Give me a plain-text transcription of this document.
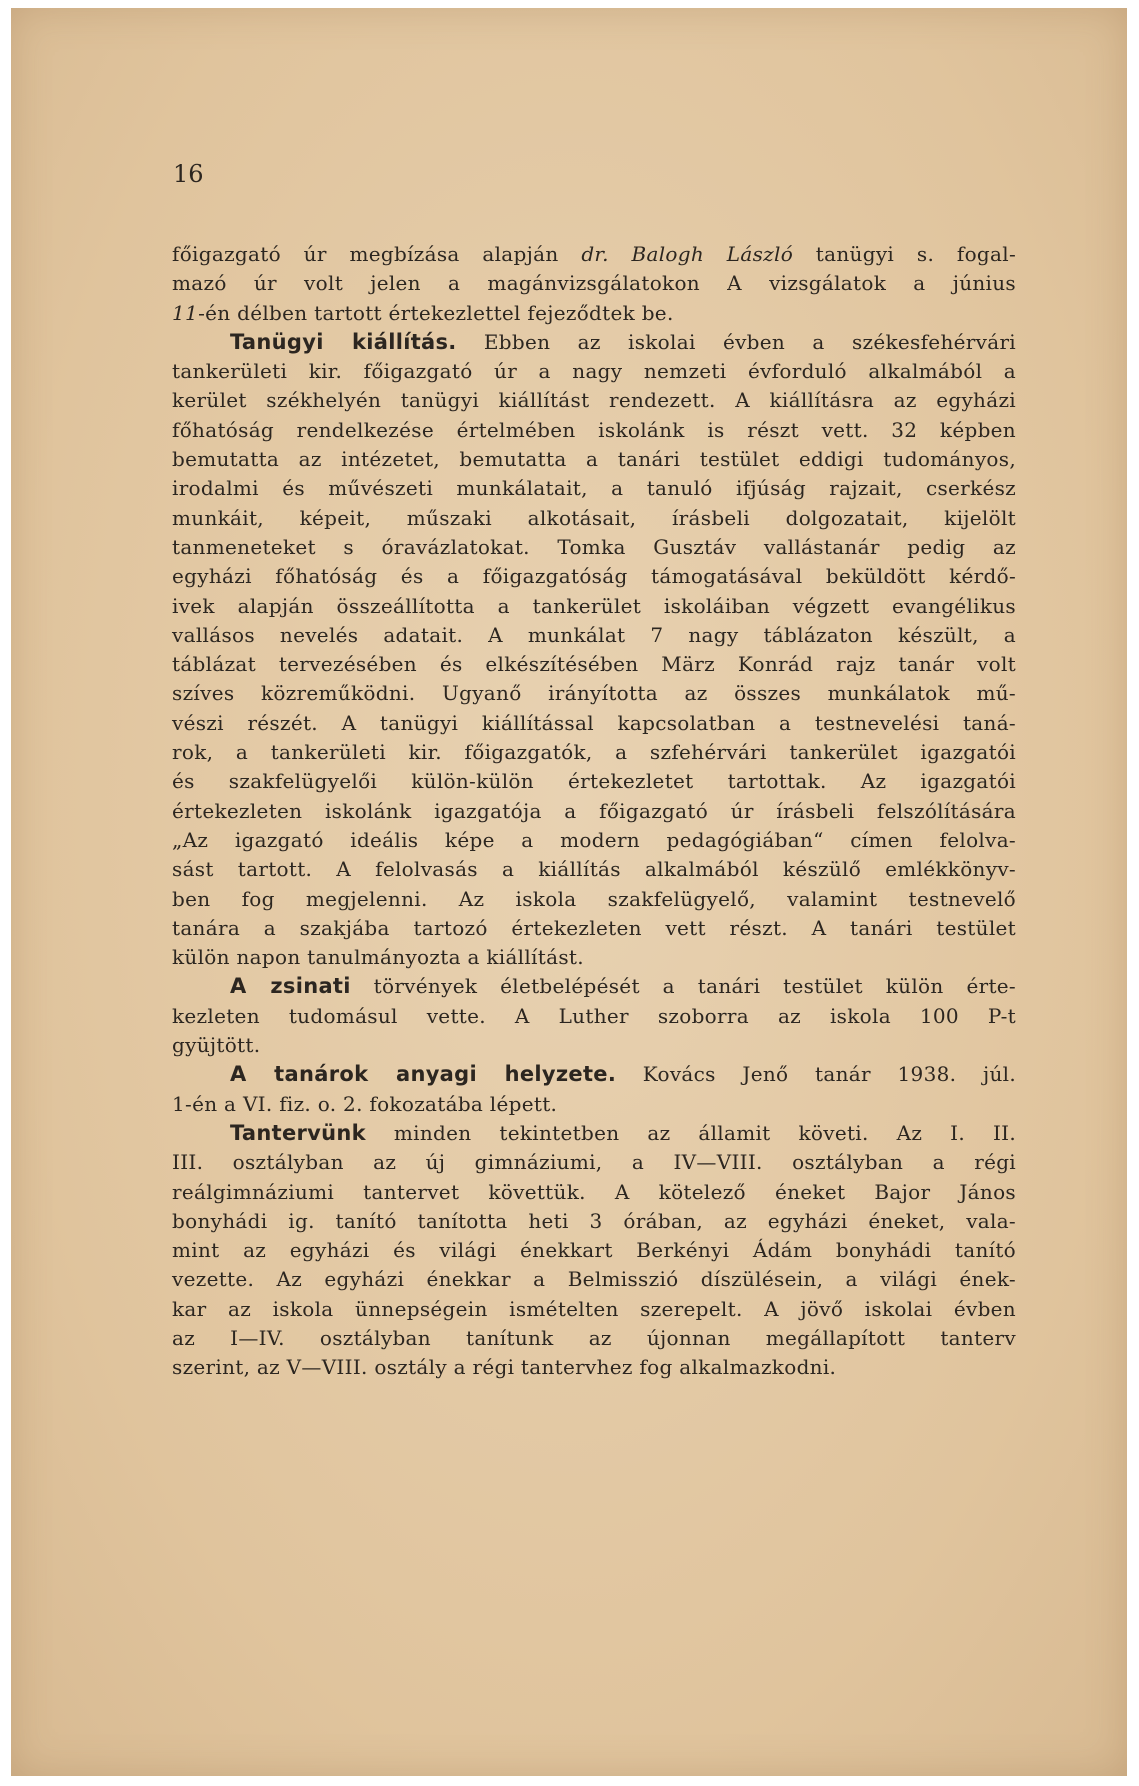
16

főigazgató úr megbízása alapján dr. Balogh László tanügyi s. fogal-
mazó úr volt jelen a magánvizsgálatokon A vizsgálatok a június
11-én délben tartott értekezlettel fejeződtek be.

Tanügyi kiállítás. Ebben az iskolai évben a székesfehérvári
tankerületi kir. főigazgató úr a nagy nemzeti évforduló alkalmából a
kerület székhelyén tanügyi kiállítást rendezett. A kiállításra az egyházi
főhatóság rendelkezése értelmében iskolánk is részt vett. 32 képben
bemutatta az intézetet, bemutatta a tanári testület eddigi tudományos,
irodalmi és művészeti munkálatait, a tanuló ifjúság rajzait, cserkész
munkáit, képeit, műszaki alkotásait, írásbeli dolgozatait, kijelölt
tanmeneteket s óravázlatokat. Tomka Gusztáv vallástanár pedig az
egyházi főhatóság és a főigazgatóság támogatásával beküldött kérdő-
ivek alapján összeállította a tankerület iskoláiban végzett evangélikus
vallásos nevelés adatait. A munkálat 7 nagy táblázaton készült, a
táblázat tervezésében és elkészítésében März Konrád rajz tanár volt
szíves közreműködni. Ugyanő irányította az összes munkálatok mű-
vészi részét. A tanügyi kiállítással kapcsolatban a testnevelési taná-
rok, a tankerületi kir. főigazgatók, a szfehérvári tankerület igazgatói
és szakfelügyelői külön-külön értekezletet tartottak. Az igazgatói
értekezleten iskolánk igazgatója a főigazgató úr írásbeli felszólítására
„Az igazgató ideális képe a modern pedagógiában“ címen felolva-
sást tartott. A felolvasás a kiállítás alkalmából készülő emlékkönyv-
ben fog megjelenni. Az iskola szakfelügyelő, valamint testnevelő
tanára a szakjába tartozó értekezleten vett részt. A tanári testület
külön napon tanulmányozta a kiállítást.

A zsinati törvények életbelépését a tanári testület külön érte-
kezleten tudomásul vette. A Luther szoborra az iskola 100 P-t
gyüjtött.

A tanárok anyagi helyzete. Kovács Jenő tanár 1938. júl.
1-én a VI. fiz. o. 2. fokozatába lépett.

Tantervünk minden tekintetben az államit követi. Az I. II.
III. osztályban az új gimnáziumi, a IV—VIII. osztályban a régi
reálgimnáziumi tantervet követtük. A kötelező éneket Bajor János
bonyhádi ig. tanító tanította heti 3 órában, az egyházi éneket, vala-
mint az egyházi és világi énekkart Berkényi Ádám bonyhádi tanító
vezette. Az egyházi énekkar a Belmisszió díszülésein, a világi ének-
kar az iskola ünnepségein ismételten szerepelt. A jövő iskolai évben
az I—IV. osztályban tanítunk az újonnan megállapított tanterv
szerint, az V—VIII. osztály a régi tantervhez fog alkalmazkodni.
